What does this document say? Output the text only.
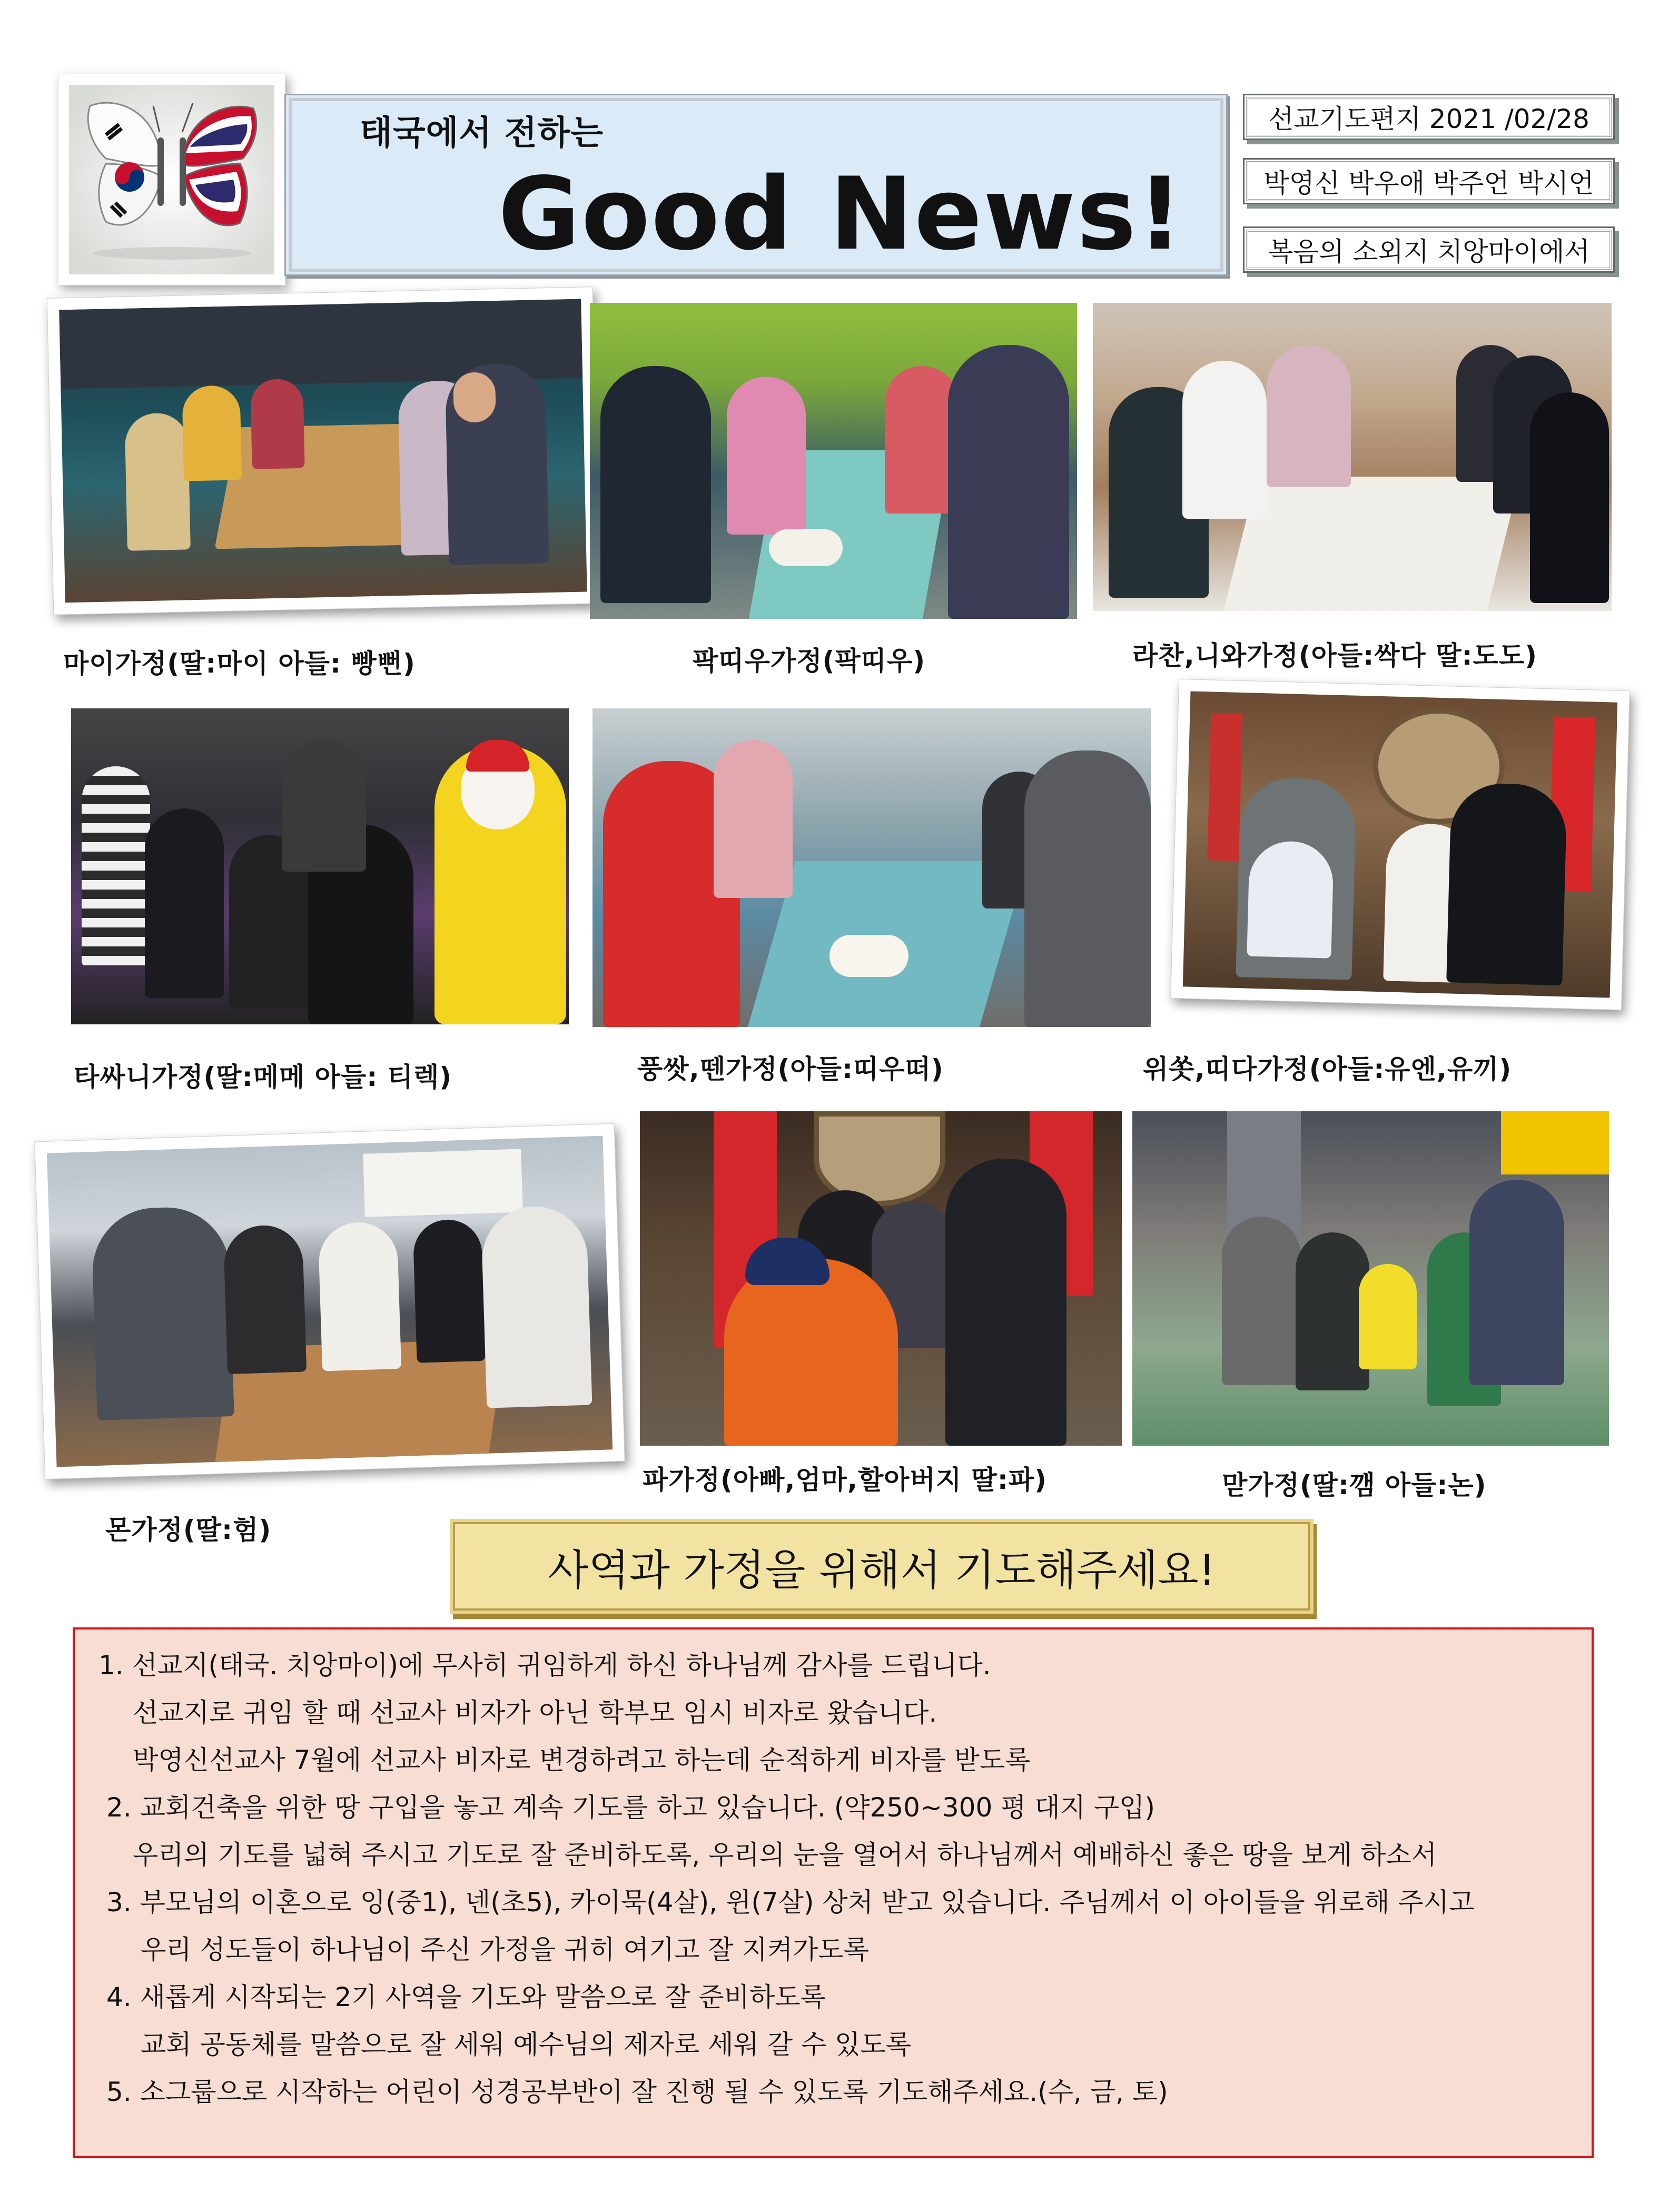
태국에서 전하는
Good News!
선교기도편지 2021 /02/28
박영신 박우애 박주언 박시언
복음의 소외지 치앙마이에서
마이가정(딸:마이 아들: 빵뻔)	팍띠우가정(팍띠우)	라찬,니와가정(아들:싹다 딸:도도)
타싸니가정(딸:메메 아들: 티렉)	풍쌋,뗀가정(아들:띠우떠)	위쏫,띠다가정(아들:유엔,유끼)
몬가정(딸:험)
파가정(아빠,엄마,할아버지 딸:파)	맏가정(딸:깸 아들:논)
사역과 가정을 위해서 기도해주세요!
1. 선교지(태국. 치앙마이)에 무사히 귀임하게 하신 하나님께 감사를 드립니다.
선교지로 귀임 할 때 선교사 비자가 아닌 학부모 임시 비자로 왔습니다.
박영신선교사 7월에 선교사 비자로 변경하려고 하는데 순적하게 비자를 받도록
2. 교회건축을 위한 땅 구입을 놓고 계속 기도를 하고 있습니다. (약250~300 평 대지 구입)
우리의 기도를 넓혀 주시고 기도로 잘 준비하도록, 우리의 눈을 열어서 하나님께서 예배하신 좋은 땅을 보게 하소서
3. 부모님의 이혼으로 잉(중1), 넨(초5), 카이묵(4살), 윈(7살) 상처 받고 있습니다. 주님께서 이 아이들을 위로해 주시고
우리 성도들이 하나님이 주신 가정을 귀히 여기고 잘 지켜가도록
4. 새롭게 시작되는 2기 사역을 기도와 말씀으로 잘 준비하도록
교회 공동체를 말씀으로 잘 세워 예수님의 제자로 세워 갈 수 있도록
5. 소그룹으로 시작하는 어린이 성경공부반이 잘 진행 될 수 있도록 기도해주세요.(수, 금, 토)
